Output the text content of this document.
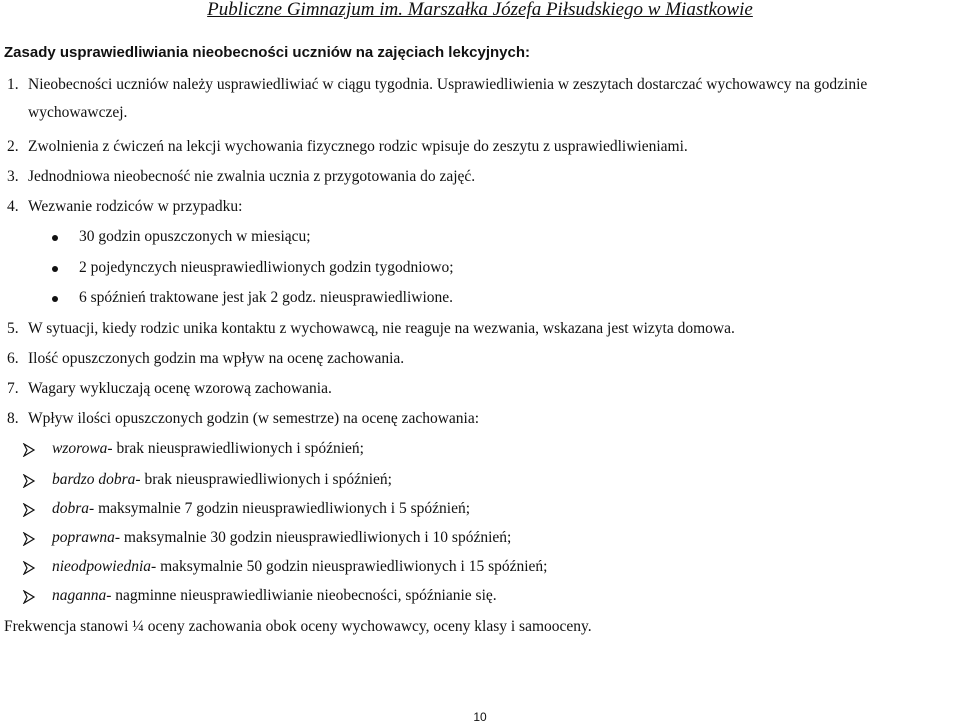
Publiczne Gimnazjum im. Marszałka Józefa Piłsudskiego w Miastkowie
Zasady usprawiedliwiania nieobecności uczniów na zajęciach lekcyjnych:
1. Nieobecności uczniów należy usprawiedliwiać w ciągu tygodnia. Usprawiedliwienia w zeszytach dostarczać wychowawcy na godzinie
wychowawczej.
2. Zwolnienia z ćwiczeń na lekcji wychowania fizycznego rodzic wpisuje do zeszytu z usprawiedliwieniami.
3. Jednodniowa nieobecność nie zwalnia ucznia z przygotowania do zajęć.
4. Wezwanie rodziców w przypadku:
30 godzin opuszczonych w miesiącu;
2 pojedynczych nieusprawiedliwionych godzin tygodniowo;
6 spóźnień traktowane jest jak 2 godz. nieusprawiedliwione.
5. W sytuacji, kiedy rodzic unika kontaktu z wychowawcą, nie reaguje na wezwania, wskazana jest wizyta domowa.
6. Ilość opuszczonych godzin ma wpływ na ocenę zachowania.
7. Wagary wykluczają ocenę wzorową zachowania.
8. Wpływ ilości opuszczonych godzin (w semestrze) na ocenę zachowania:
wzorowa- brak nieusprawiedliwionych i spóźnień;
bardzo dobra- brak nieusprawiedliwionych i spóźnień;
dobra- maksymalnie 7 godzin nieusprawiedliwionych i 5 spóźnień;
poprawna- maksymalnie 30 godzin nieusprawiedliwionych i 10 spóźnień;
nieodpowiednia- maksymalnie 50 godzin nieusprawiedliwionych i 15 spóźnień;
naganna- nagminne nieusprawiedliwianie nieobecności, spóźnianie się.
Frekwencja stanowi ¼ oceny zachowania obok oceny wychowawcy, oceny klasy i samooceny.
10
